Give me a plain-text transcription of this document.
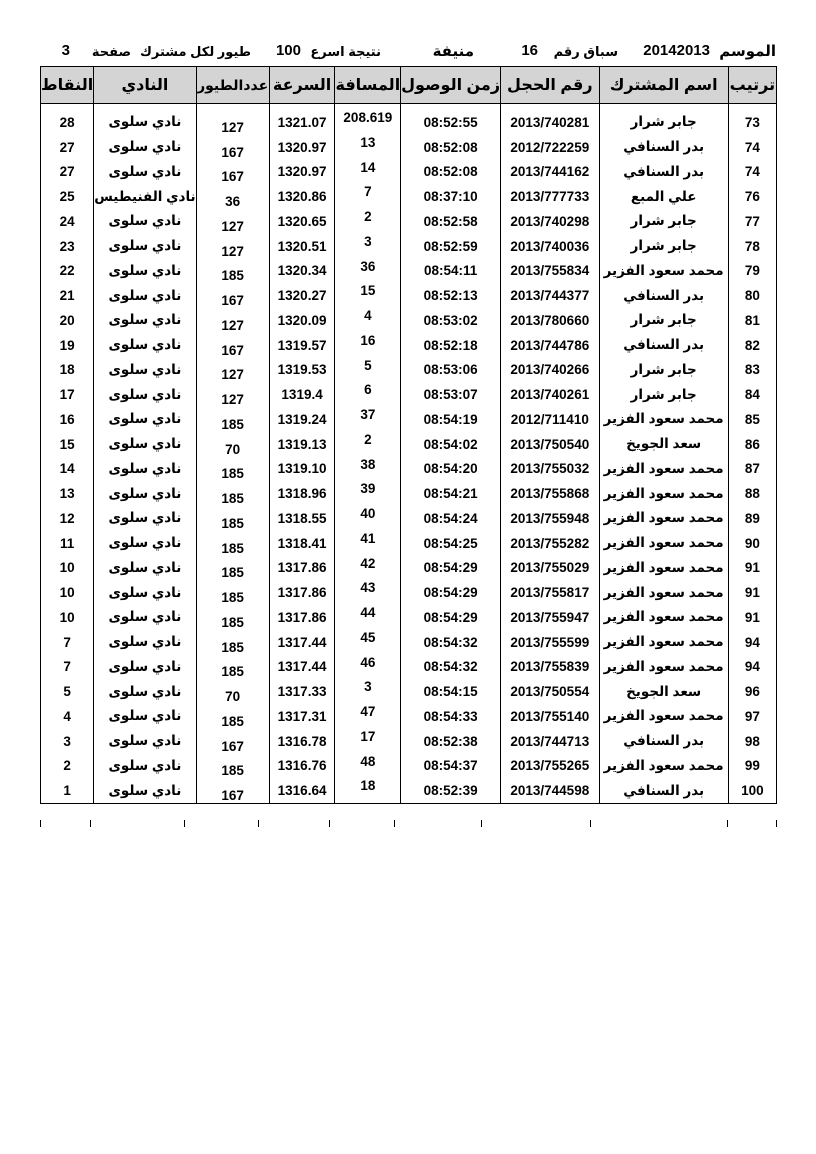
الموسم
20142013
سباق رقم
16
منيفة
نتيجة اسرع
100
طيور لكل مشترك
صفحة
3
ترتيب	اسم المشترك	رقم الحجل	زمن الوصول	المسافة	السرعة	عددالطيور	النادي	النقاط

73	جابر شرار	2013/740281	08:52:55	208.619	1321.07	127	نادي سلوى	28
74	بدر السنافي	2012/722259	08:52:08	13	1320.97	167	نادي سلوى	27
74	بدر السنافي	2013/744162	08:52:08	14	1320.97	167	نادي سلوى	27
76	علي المبع	2013/777733	08:37:10	7	1320.86	36	نادي الفنيطيس	25
77	جابر شرار	2013/740298	08:52:58	2	1320.65	127	نادي سلوى	24
78	جابر شرار	2013/740036	08:52:59	3	1320.51	127	نادي سلوى	23
79	محمد سعود الفزير	2013/755834	08:54:11	36	1320.34	185	نادي سلوى	22
80	بدر السنافي	2013/744377	08:52:13	15	1320.27	167	نادي سلوى	21
81	جابر شرار	2013/780660	08:53:02	4	1320.09	127	نادي سلوى	20
82	بدر السنافي	2013/744786	08:52:18	16	1319.57	167	نادي سلوى	19
83	جابر شرار	2013/740266	08:53:06	5	1319.53	127	نادي سلوى	18
84	جابر شرار	2013/740261	08:53:07	6	1319.4	127	نادي سلوى	17
85	محمد سعود الفزير	2012/711410	08:54:19	37	1319.24	185	نادي سلوى	16
86	سعد الجويخ	2013/750540	08:54:02	2	1319.13	70	نادي سلوى	15
87	محمد سعود الفزير	2013/755032	08:54:20	38	1319.10	185	نادي سلوى	14
88	محمد سعود الفزير	2013/755868	08:54:21	39	1318.96	185	نادي سلوى	13
89	محمد سعود الفزير	2013/755948	08:54:24	40	1318.55	185	نادي سلوى	12
90	محمد سعود الفزير	2013/755282	08:54:25	41	1318.41	185	نادي سلوى	11
91	محمد سعود الفزير	2013/755029	08:54:29	42	1317.86	185	نادي سلوى	10
91	محمد سعود الفزير	2013/755817	08:54:29	43	1317.86	185	نادي سلوى	10
91	محمد سعود الفزير	2013/755947	08:54:29	44	1317.86	185	نادي سلوى	10
94	محمد سعود الفزير	2013/755599	08:54:32	45	1317.44	185	نادي سلوى	7
94	محمد سعود الفزير	2013/755839	08:54:32	46	1317.44	185	نادي سلوى	7
96	سعد الجويخ	2013/750554	08:54:15	3	1317.33	70	نادي سلوى	5
97	محمد سعود الفزير	2013/755140	08:54:33	47	1317.31	185	نادي سلوى	4
98	بدر السنافي	2013/744713	08:52:38	17	1316.78	167	نادي سلوى	3
99	محمد سعود الفزير	2013/755265	08:54:37	48	1316.76	185	نادي سلوى	2
100	بدر السنافي	2013/744598	08:52:39	18	1316.64	167	نادي سلوى	1
